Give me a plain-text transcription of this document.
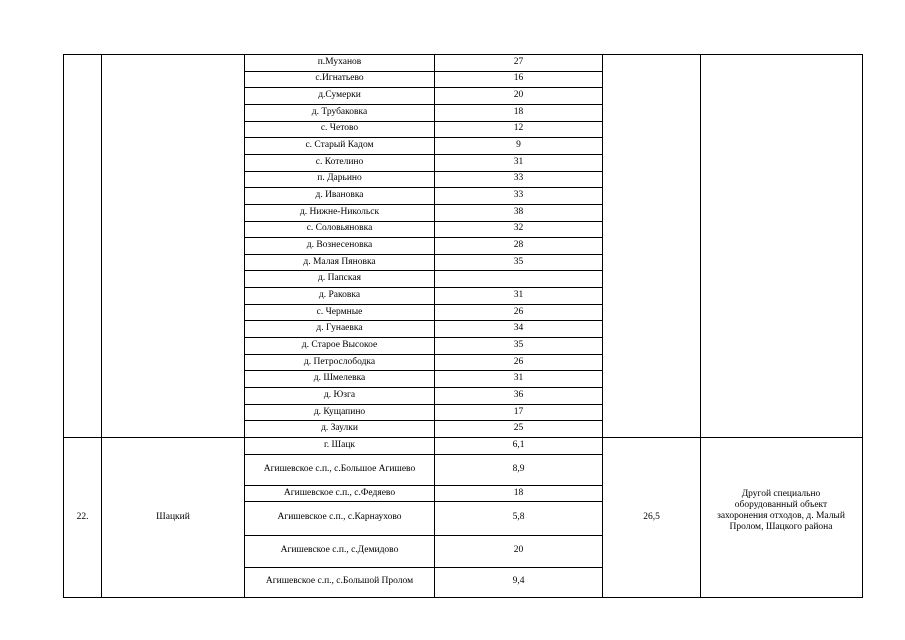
п.Муханов	27
с.Игнатьево	16
д.Сумерки	20
д. Трубаковка	18
с. Четово	12
с. Старый Кадом	9
с. Котелино	31
п. Дарьино	33
д. Ивановка	33
д. Нижне-Никольск	38
с. Соловьяновка	32
д. Вознесеновка	28
д. Малая Пяновка	35
д. Папская
д. Раковка	31
с. Чермные	26
д. Гунаевка	34
д. Старое Высокое	35
д. Петрослободка	26
д. Шмелевка	31
д. Юзга	36
д. Кущапино	17
д. Заулки	25
г. Шацк	6,1
Агишевское с.п., с.Большое Агишево	8,9
Агишевское с.п., с.Федяево	18
Агишевское с.п., с.Карнаухово	5,8
Агишевское с.п., с.Демидово	20
Агишевское с.п., с.Большой Пролом	9,4
22.	Шацкий	26,5
Другой специально оборудованный объект захоронения отходов, д. Малый Пролом, Шацкого района
